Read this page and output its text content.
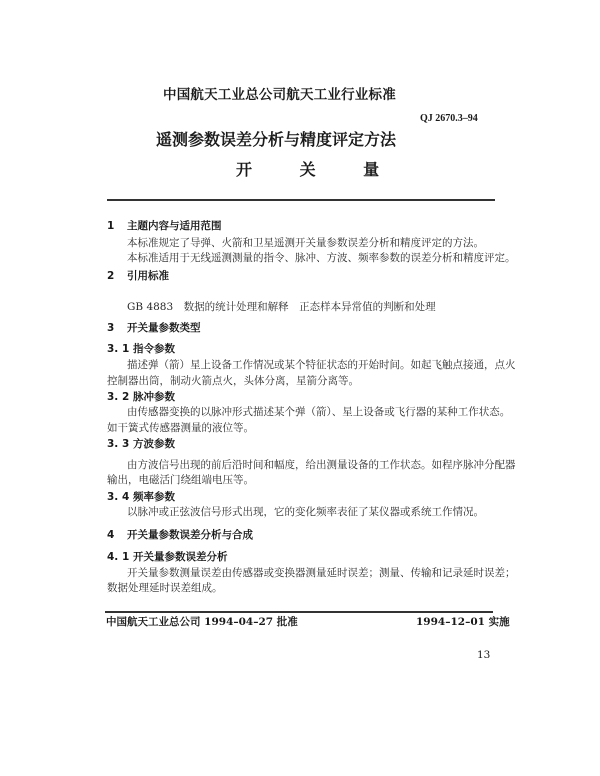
中国航天工业总公司航天工业行业标准
QJ 2670.3–94
遥测参数误差分析与精度评定方法
开 关 量
1 主题内容与适用范围
本标准规定了导弹、火箭和卫星遥测开关量参数误差分析和精度评定的方法。
本标准适用于无线遥测测量的指令、脉冲、方波、频率参数的误差分析和精度评定。
2 引用标准
GB 4883　数据的统计处理和解释　正态样本异常值的判断和处理
3 开关量参数类型
3. 1 指令参数
描述弹（箭）星上设备工作情况或某个特征状态的开始时间。如起飞触点接通，点火
控制器出筒，制动火箭点火，头体分离，星箭分离等。
3. 2 脉冲参数
由传感器变换的以脉冲形式描述某个弹（箭）、星上设备或飞行器的某种工作状态。
如干簧式传感器测量的液位等。
3. 3 方波参数
由方波信号出现的前后沿时间和幅度，给出测量设备的工作状态。如程序脉冲分配器
输出，电磁活门绕组端电压等。
3. 4 频率参数
以脉冲或正弦波信号形式出现，它的变化频率表征了某仪器或系统工作情况。
4 开关量参数误差分析与合成
4. 1 开关量参数误差分析
开关量参数测量误差由传感器或变换器测量延时误差；测量、传输和记录延时误差；
数据处理延时误差组成。
中国航天工业总公司 1994–04–27 批准	1994–12–01 实施
13
